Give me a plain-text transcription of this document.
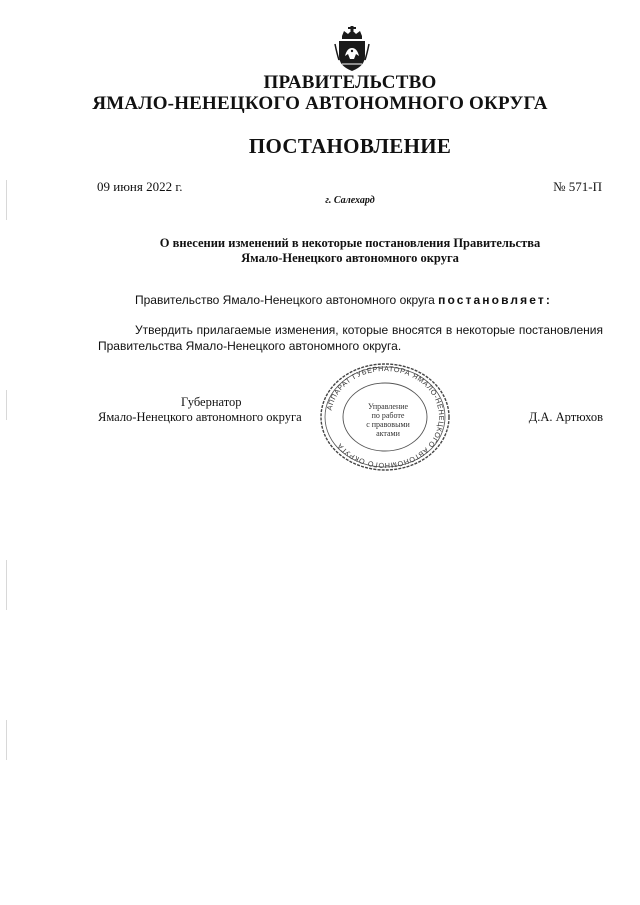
ПРАВИТЕЛЬСТВО
ЯМАЛО-НЕНЕЦКОГО АВТОНОМНОГО ОКРУГА
ПОСТАНОВЛЕНИЕ
09 июня 2022 г.	№ 571-П
г. Салехард
О внесении изменений в некоторые постановления Правительства
Ямало-Ненецкого автономного округа
Правительство Ямало-Ненецкого автономного округа постановляет:
Утвердить прилагаемые изменения, которые вносятся в некоторые постановления Правительства Ямало-Ненецкого автономного округа.
Губернатор
Ямало-Ненецкого автономного округа	Д.А. Артюхов
АППАРАТ ГУБЕРНАТОРА ЯМАЛО-НЕНЕЦКОГО АВТОНОМНОГО ОКРУГА
Управление
по работе
с правовыми
актами
